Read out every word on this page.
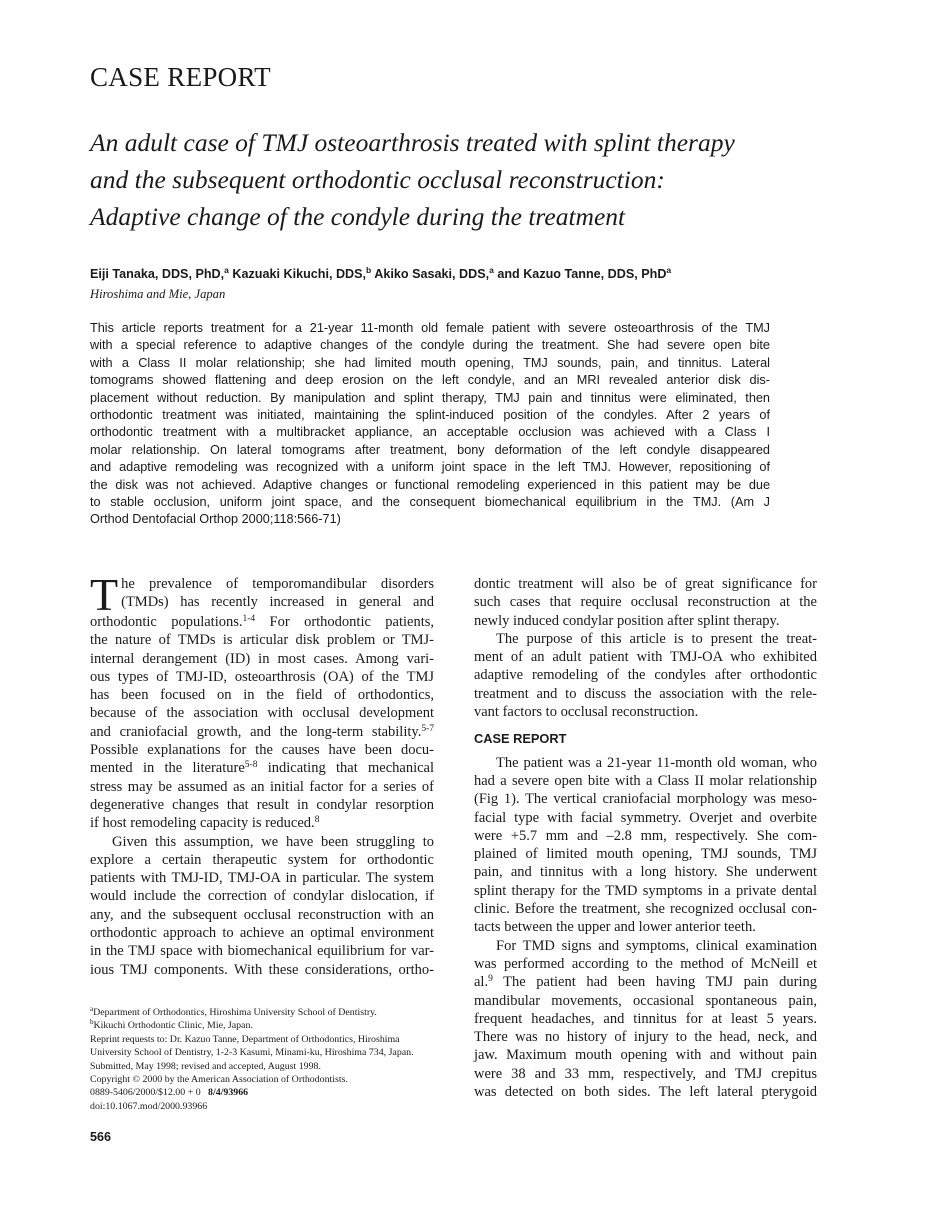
CASE REPORT
An adult case of TMJ osteoarthrosis treated with splint therapy
and the subsequent orthodontic occlusal reconstruction:
Adaptive change of the condyle during the treatment
Eiji Tanaka, DDS, PhD,$^a$ Kazuaki Kikuchi, DDS,$^b$ Akiko Sasaki, DDS,$^a$ and Kazuo Tanne, DDS, PhD$^a$
Hiroshima and Mie, Japan
This article reports treatment for a 21-year 11-month old female patient with severe osteoarthrosis of the TMJ
with a special reference to adaptive changes of the condyle during the treatment. She had severe open bite
with a Class II molar relationship; she had limited mouth opening, TMJ sounds, pain, and tinnitus. Lateral
tomograms showed flattening and deep erosion on the left condyle, and an MRI revealed anterior disk dis-
placement without reduction. By manipulation and splint therapy, TMJ pain and tinnitus were eliminated, then
orthodontic treatment was initiated, maintaining the splint-induced position of the condyles. After 2 years of
orthodontic treatment with a multibracket appliance, an acceptable occlusion was achieved with a Class I
molar relationship. On lateral tomograms after treatment, bony deformation of the left condyle disappeared
and adaptive remodeling was recognized with a uniform joint space in the left TMJ. However, repositioning of
the disk was not achieved. Adaptive changes or functional remodeling experienced in this patient may be due
to stable occlusion, uniform joint space, and the consequent biomechanical equilibrium in the TMJ. (Am J
Orthod Dentofacial Orthop 2000;118:566-71)
T he prevalence of temporomandibular disorders
(TMDs) has recently increased in general and
orthodontic populations.$^{1-4}$ For orthodontic patients,
the nature of TMDs is articular disk problem or TMJ-
internal derangement (ID) in most cases. Among vari-
ous types of TMJ-ID, osteoarthrosis (OA) of the TMJ
has been focused on in the field of orthodontics,
because of the association with occlusal development
and craniofacial growth, and the long-term stability.$^{5-7}$
Possible explanations for the causes have been docu-
mented in the literature$^{5-8}$ indicating that mechanical
stress may be assumed as an initial factor for a series of
degenerative changes that result in condylar resorption
if host remodeling capacity is reduced.$^8$
Given this assumption, we have been struggling to
explore a certain therapeutic system for orthodontic
patients with TMJ-ID, TMJ-OA in particular. The system
would include the correction of condylar dislocation, if
any, and the subsequent occlusal reconstruction with an
orthodontic approach to achieve an optimal environment
in the TMJ space with biomechanical equilibrium for var-
ious TMJ components. With these considerations, ortho-
dontic treatment will also be of great significance for
such cases that require occlusal reconstruction at the
newly induced condylar position after splint therapy.
The purpose of this article is to present the treat-
ment of an adult patient with TMJ-OA who exhibited
adaptive remodeling of the condyles after orthodontic
treatment and to discuss the association with the rele-
vant factors to occlusal reconstruction.
CASE REPORT
The patient was a 21-year 11-month old woman, who
had a severe open bite with a Class II molar relationship
(Fig 1). The vertical craniofacial morphology was meso-
facial type with facial symmetry. Overjet and overbite
were +5.7 mm and –2.8 mm, respectively. She com-
plained of limited mouth opening, TMJ sounds, TMJ
pain, and tinnitus with a long history. She underwent
splint therapy for the TMD symptoms in a private dental
clinic. Before the treatment, she recognized occlusal con-
tacts between the upper and lower anterior teeth.
For TMD signs and symptoms, clinical examination
was performed according to the method of McNeill et
al.$^9$ The patient had been having TMJ pain during
mandibular movements, occasional spontaneous pain,
frequent headaches, and tinnitus for at least 5 years.
There was no history of injury to the head, neck, and
jaw. Maximum mouth opening with and without pain
were 38 and 33 mm, respectively, and TMJ crepitus
was detected on both sides. The left lateral pterygoid
$^a$Department of Orthodontics, Hiroshima University School of Dentistry.
$^b$Kikuchi Orthodontic Clinic, Mie, Japan.
Reprint requests to: Dr. Kazuo Tanne, Department of Orthodontics, Hiroshima
University School of Dentistry, 1-2-3 Kasumi, Minami-ku, Hiroshima 734, Japan.
Submitted, May 1998; revised and accepted, August 1998.
Copyright © 2000 by the American Association of Orthodontists.
0889-5406/2000/$12.00 + 0 8/4/93966
doi:10.1067.mod/2000.93966
566
